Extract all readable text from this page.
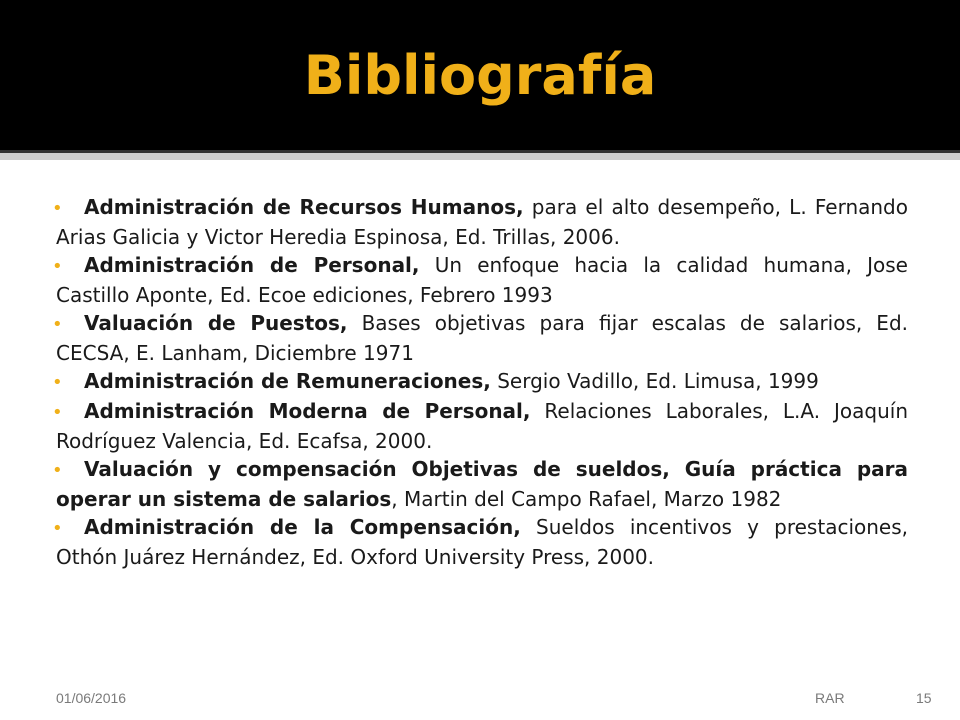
Bibliografía

• Administración de Recursos Humanos, para el alto desempeño, L. Fernando Arias Galicia y Victor Heredia Espinosa, Ed. Trillas, 2006.

• Administración de Personal, Un enfoque hacia la calidad humana, Jose Castillo Aponte, Ed. Ecoe ediciones, Febrero 1993

• Valuación de Puestos, Bases objetivas para fijar escalas de salarios, Ed. CECSA, E. Lanham, Diciembre 1971

• Administración de Remuneraciones, Sergio Vadillo, Ed. Limusa, 1999

• Administración Moderna de Personal, Relaciones Laborales, L.A. Joaquín Rodríguez Valencia, Ed. Ecafsa, 2000.

• Valuación y compensación Objetivas de sueldos, Guía práctica para operar un sistema de salarios, Martin del Campo Rafael, Marzo 1982

• Administración de la Compensación, Sueldos incentivos y prestaciones, Othón Juárez Hernández, Ed. Oxford University Press, 2000.

01/06/2016	RAR	15
